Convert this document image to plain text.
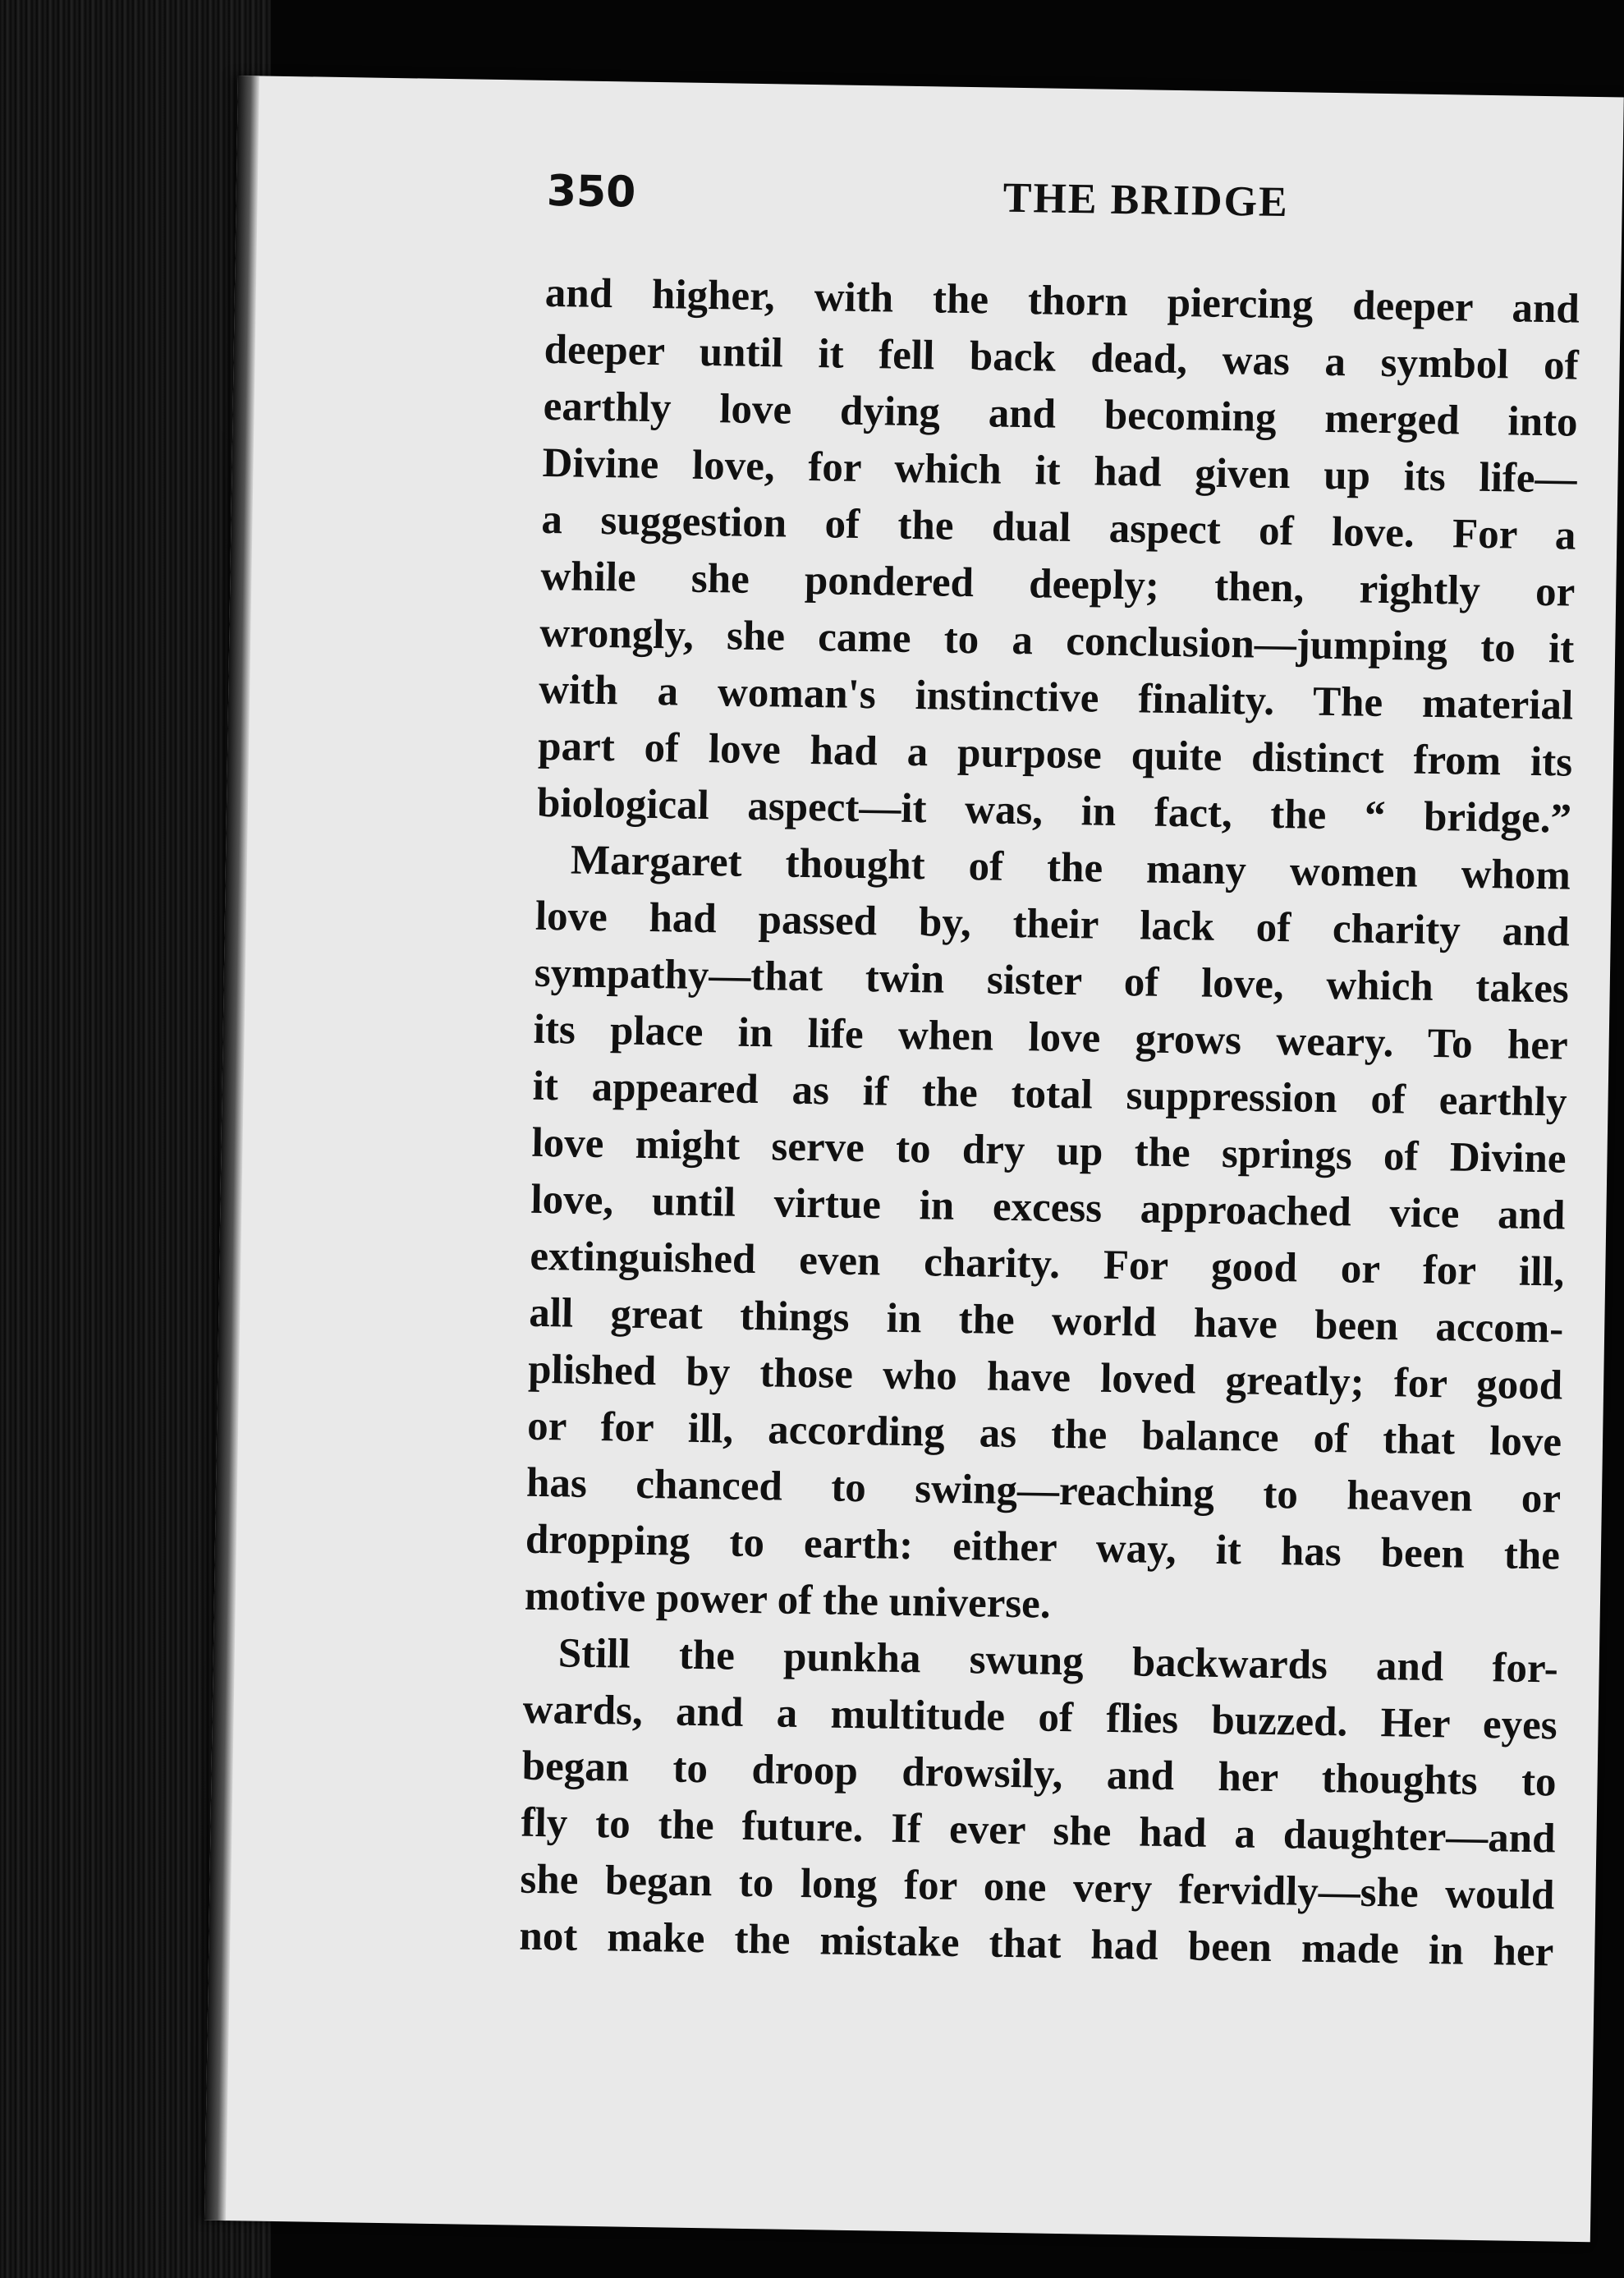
350	THE BRIDGE
and higher, with the thorn piercing deeper and
deeper until it fell back dead, was a symbol of
earthly love dying and becoming merged into
Divine love, for which it had given up its life—
a suggestion of the dual aspect of love. For a
while she pondered deeply; then, rightly or
wrongly, she came to a conclusion—jumping to it
with a woman's instinctive finality. The material
part of love had a purpose quite distinct from its
biological aspect—it was, in fact, the “ bridge.”
Margaret thought of the many women whom
love had passed by, their lack of charity and
sympathy—that twin sister of love, which takes
its place in life when love grows weary. To her
it appeared as if the total suppression of earthly
love might serve to dry up the springs of Divine
love, until virtue in excess approached vice and
extinguished even charity. For good or for ill,
all great things in the world have been accom-
plished by those who have loved greatly; for good
or for ill, according as the balance of that love
has chanced to swing—reaching to heaven or
dropping to earth: either way, it has been the
motive power of the universe.
Still the punkha swung backwards and for-
wards, and a multitude of flies buzzed. Her eyes
began to droop drowsily, and her thoughts to
fly to the future. If ever she had a daughter—and
she began to long for one very fervidly—she would
not make the mistake that had been made in her
